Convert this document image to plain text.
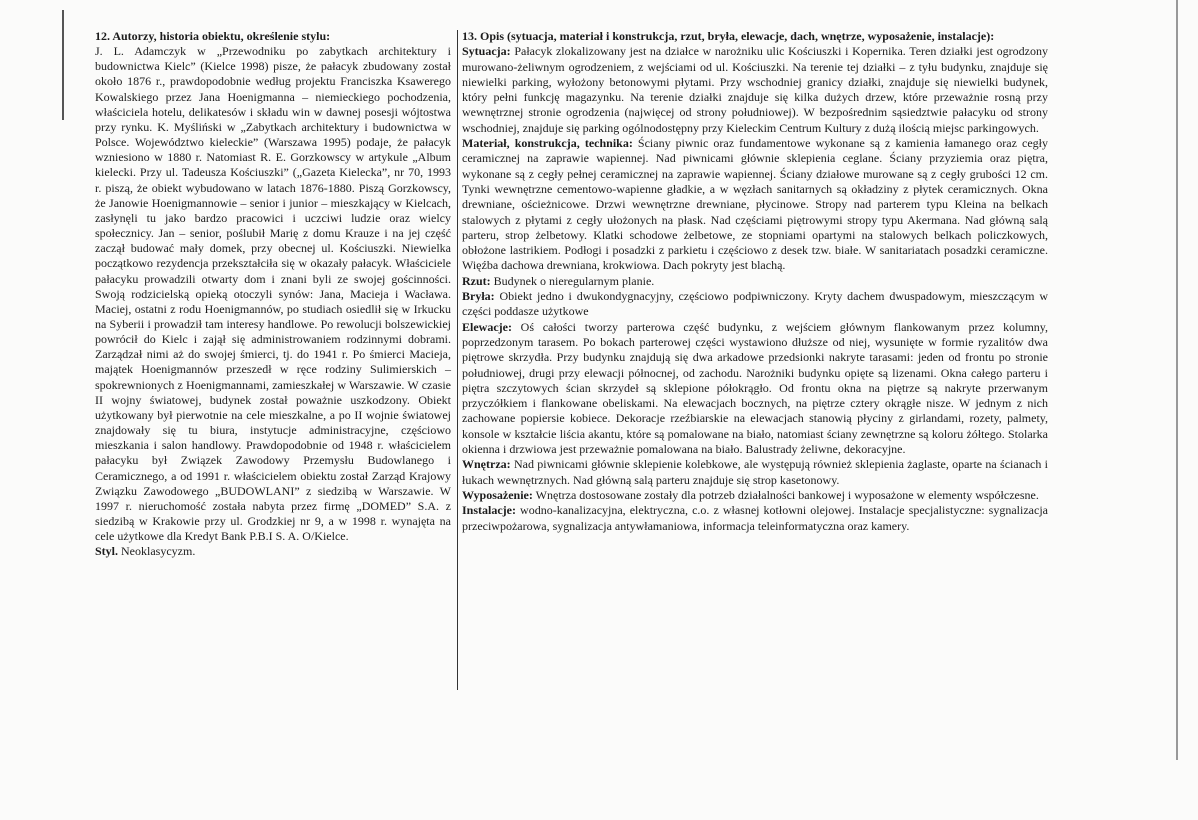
12. Autorzy, historia obiektu, określenie stylu:

J. L. Adamczyk w „Przewodniku po zabytkach architektury i budownictwa Kielc” (Kielce 1998) pisze, że pałacyk zbudowany został około 1876 r., prawdopodobnie według projektu Franciszka Ksawerego Kowalskiego przez Jana Hoenigmanna – niemieckiego pochodzenia, właściciela hotelu, delikatesów i składu win w dawnej posesji wójtostwa przy rynku. K. Myśliński w „Zabytkach architektury i budownictwa w Polsce. Województwo kieleckie” (Warszawa 1995) podaje, że pałacyk wzniesiono w 1880 r. Natomiast R. E. Gorzkowscy w artykule „Album kielecki. Przy ul. Tadeusza Kościuszki” („Gazeta Kielecka”, nr 70, 1993 r. piszą, że obiekt wybudowano w latach 1876-1880. Piszą Gorzkowscy, że Janowie Hoenigmannowie – senior i junior – mieszkający w Kielcach, zasłynęli tu jako bardzo pracowici i uczciwi ludzie oraz wielcy społecznicy. Jan – senior, poślubił Marię z domu Krauze i na jej część zaczął budować mały domek, przy obecnej ul. Kościuszki. Niewielka początkowo rezydencja przekształciła się w okazały pałacyk. Właściciele pałacyku prowadzili otwarty dom i znani byli ze swojej gościnności. Swoją rodzicielską opieką otoczyli synów: Jana, Macieja i Wacława. Maciej, ostatni z rodu Hoenigmannów, po studiach osiedlił się w Irkucku na Syberii i prowadził tam interesy handlowe. Po rewolucji bolszewickiej powrócił do Kielc i zajął się administrowaniem rodzinnymi dobrami. Zarządzał nimi aż do swojej śmierci, tj. do 1941 r. Po śmierci Macieja, majątek Hoenigmannów przeszedł w ręce rodziny Sulimierskich – spokrewnionych z Hoenigmannami, zamieszkałej w Warszawie. W czasie II wojny światowej, budynek został poważnie uszkodzony. Obiekt użytkowany był pierwotnie na cele mieszkalne, a po II wojnie światowej znajdowały się tu biura, instytucje administracyjne, częściowo mieszkania i salon handlowy. Prawdopodobnie od 1948 r. właścicielem pałacyku był Związek Zawodowy Przemysłu Budowlanego i Ceramicznego, a od 1991 r. właścicielem obiektu został Zarząd Krajowy Związku Zawodowego „BUDOWLANI” z siedzibą w Warszawie. W 1997 r. nieruchomość została nabyta przez firmę „DOMED” S.A. z siedzibą w Krakowie przy ul. Grodzkiej nr 9, a w 1998 r. wynajęta na cele użytkowe dla Kredyt Bank P.B.I S. A. O/Kielce.

Styl. Neoklasycyzm.

13. Opis (sytuacja, materiał i konstrukcja, rzut, bryła, elewacje, dach, wnętrze, wyposażenie, instalacje):

Sytuacja: Pałacyk zlokalizowany jest na działce w narożniku ulic Kościuszki i Kopernika. Teren działki jest ogrodzony murowano-żeliwnym ogrodzeniem, z wejściami od ul. Kościuszki. Na terenie tej działki – z tyłu budynku, znajduje się niewielki parking, wyłożony betonowymi płytami. Przy wschodniej granicy działki, znajduje się niewielki budynek, który pełni funkcję magazynku. Na terenie działki znajduje się kilka dużych drzew, które przeważnie rosną przy wewnętrznej stronie ogrodzenia (najwięcej od strony południowej). W bezpośrednim sąsiedztwie pałacyku od strony wschodniej, znajduje się parking ogólnodostępny przy Kieleckim Centrum Kultury z dużą ilością miejsc parkingowych.

Materiał, konstrukcja, technika: Ściany piwnic oraz fundamentowe wykonane są z kamienia łamanego oraz cegły ceramicznej na zaprawie wapiennej. Nad piwnicami głównie sklepienia ceglane. Ściany przyziemia oraz piętra, wykonane są z cegły pełnej ceramicznej na zaprawie wapiennej. Ściany działowe murowane są z cegły grubości 12 cm. Tynki wewnętrzne cementowo-wapienne gładkie, a w węzłach sanitarnych są okładziny z płytek ceramicznych. Okna drewniane, ościeżnicowe. Drzwi wewnętrzne drewniane, płycinowe. Stropy nad parterem typu Kleina na belkach stalowych z płytami z cegły ułożonych na płask. Nad częściami piętrowymi stropy typu Akermana. Nad główną salą parteru, strop żelbetowy. Klatki schodowe żelbetowe, ze stopniami opartymi na stalowych belkach policzkowych, obłożone lastrikiem. Podłogi i posadzki z parkietu i częściowo z desek tzw. białe. W sanitariatach posadzki ceramiczne. Więźba dachowa drewniana, krokwiowa. Dach pokryty jest blachą.

Rzut: Budynek o nieregularnym planie.

Bryła: Obiekt jedno i dwukondygnacyjny, częściowo podpiwniczony. Kryty dachem dwuspadowym, mieszczącym w części poddasze użytkowe

Elewacje: Oś całości tworzy parterowa część budynku, z wejściem głównym flankowanym przez kolumny, poprzedzonym tarasem. Po bokach parterowej części wystawiono dłuższe od niej, wysunięte w formie ryzalitów dwa piętrowe skrzydła. Przy budynku znajdują się dwa arkadowe przedsionki nakryte tarasami: jeden od frontu po stronie południowej, drugi przy elewacji północnej, od zachodu. Narożniki budynku opięte są lizenami. Okna całego parteru i piętra szczytowych ścian skrzydeł są sklepione półokrągło. Od frontu okna na piętrze są nakryte przerwanym przyczółkiem i flankowane obeliskami. Na elewacjach bocznych, na piętrze cztery okrągłe nisze. W jednym z nich zachowane popiersie kobiece. Dekoracje rzeźbiarskie na elewacjach stanowią płyciny z girlandami, rozety, palmety, konsole w kształcie liścia akantu, które są pomalowane na biało, natomiast ściany zewnętrzne są koloru żółtego. Stolarka okienna i drzwiowa jest przeważnie pomalowana na biało. Balustrady żeliwne, dekoracyjne.

Wnętrza: Nad piwnicami głównie sklepienie kolebkowe, ale występują również sklepienia żaglaste, oparte na ścianach i łukach wewnętrznych. Nad główną salą parteru znajduje się strop kasetonowy.

Wyposażenie: Wnętrza dostosowane zostały dla potrzeb działalności bankowej i wyposażone w elementy współczesne.

Instalacje: wodno-kanalizacyjna, elektryczna, c.o. z własnej kotłowni olejowej. Instalacje specjalistyczne: sygnalizacja przeciwpożarowa, sygnalizacja antywłamaniowa, informacja teleinformatyczna oraz kamery.
